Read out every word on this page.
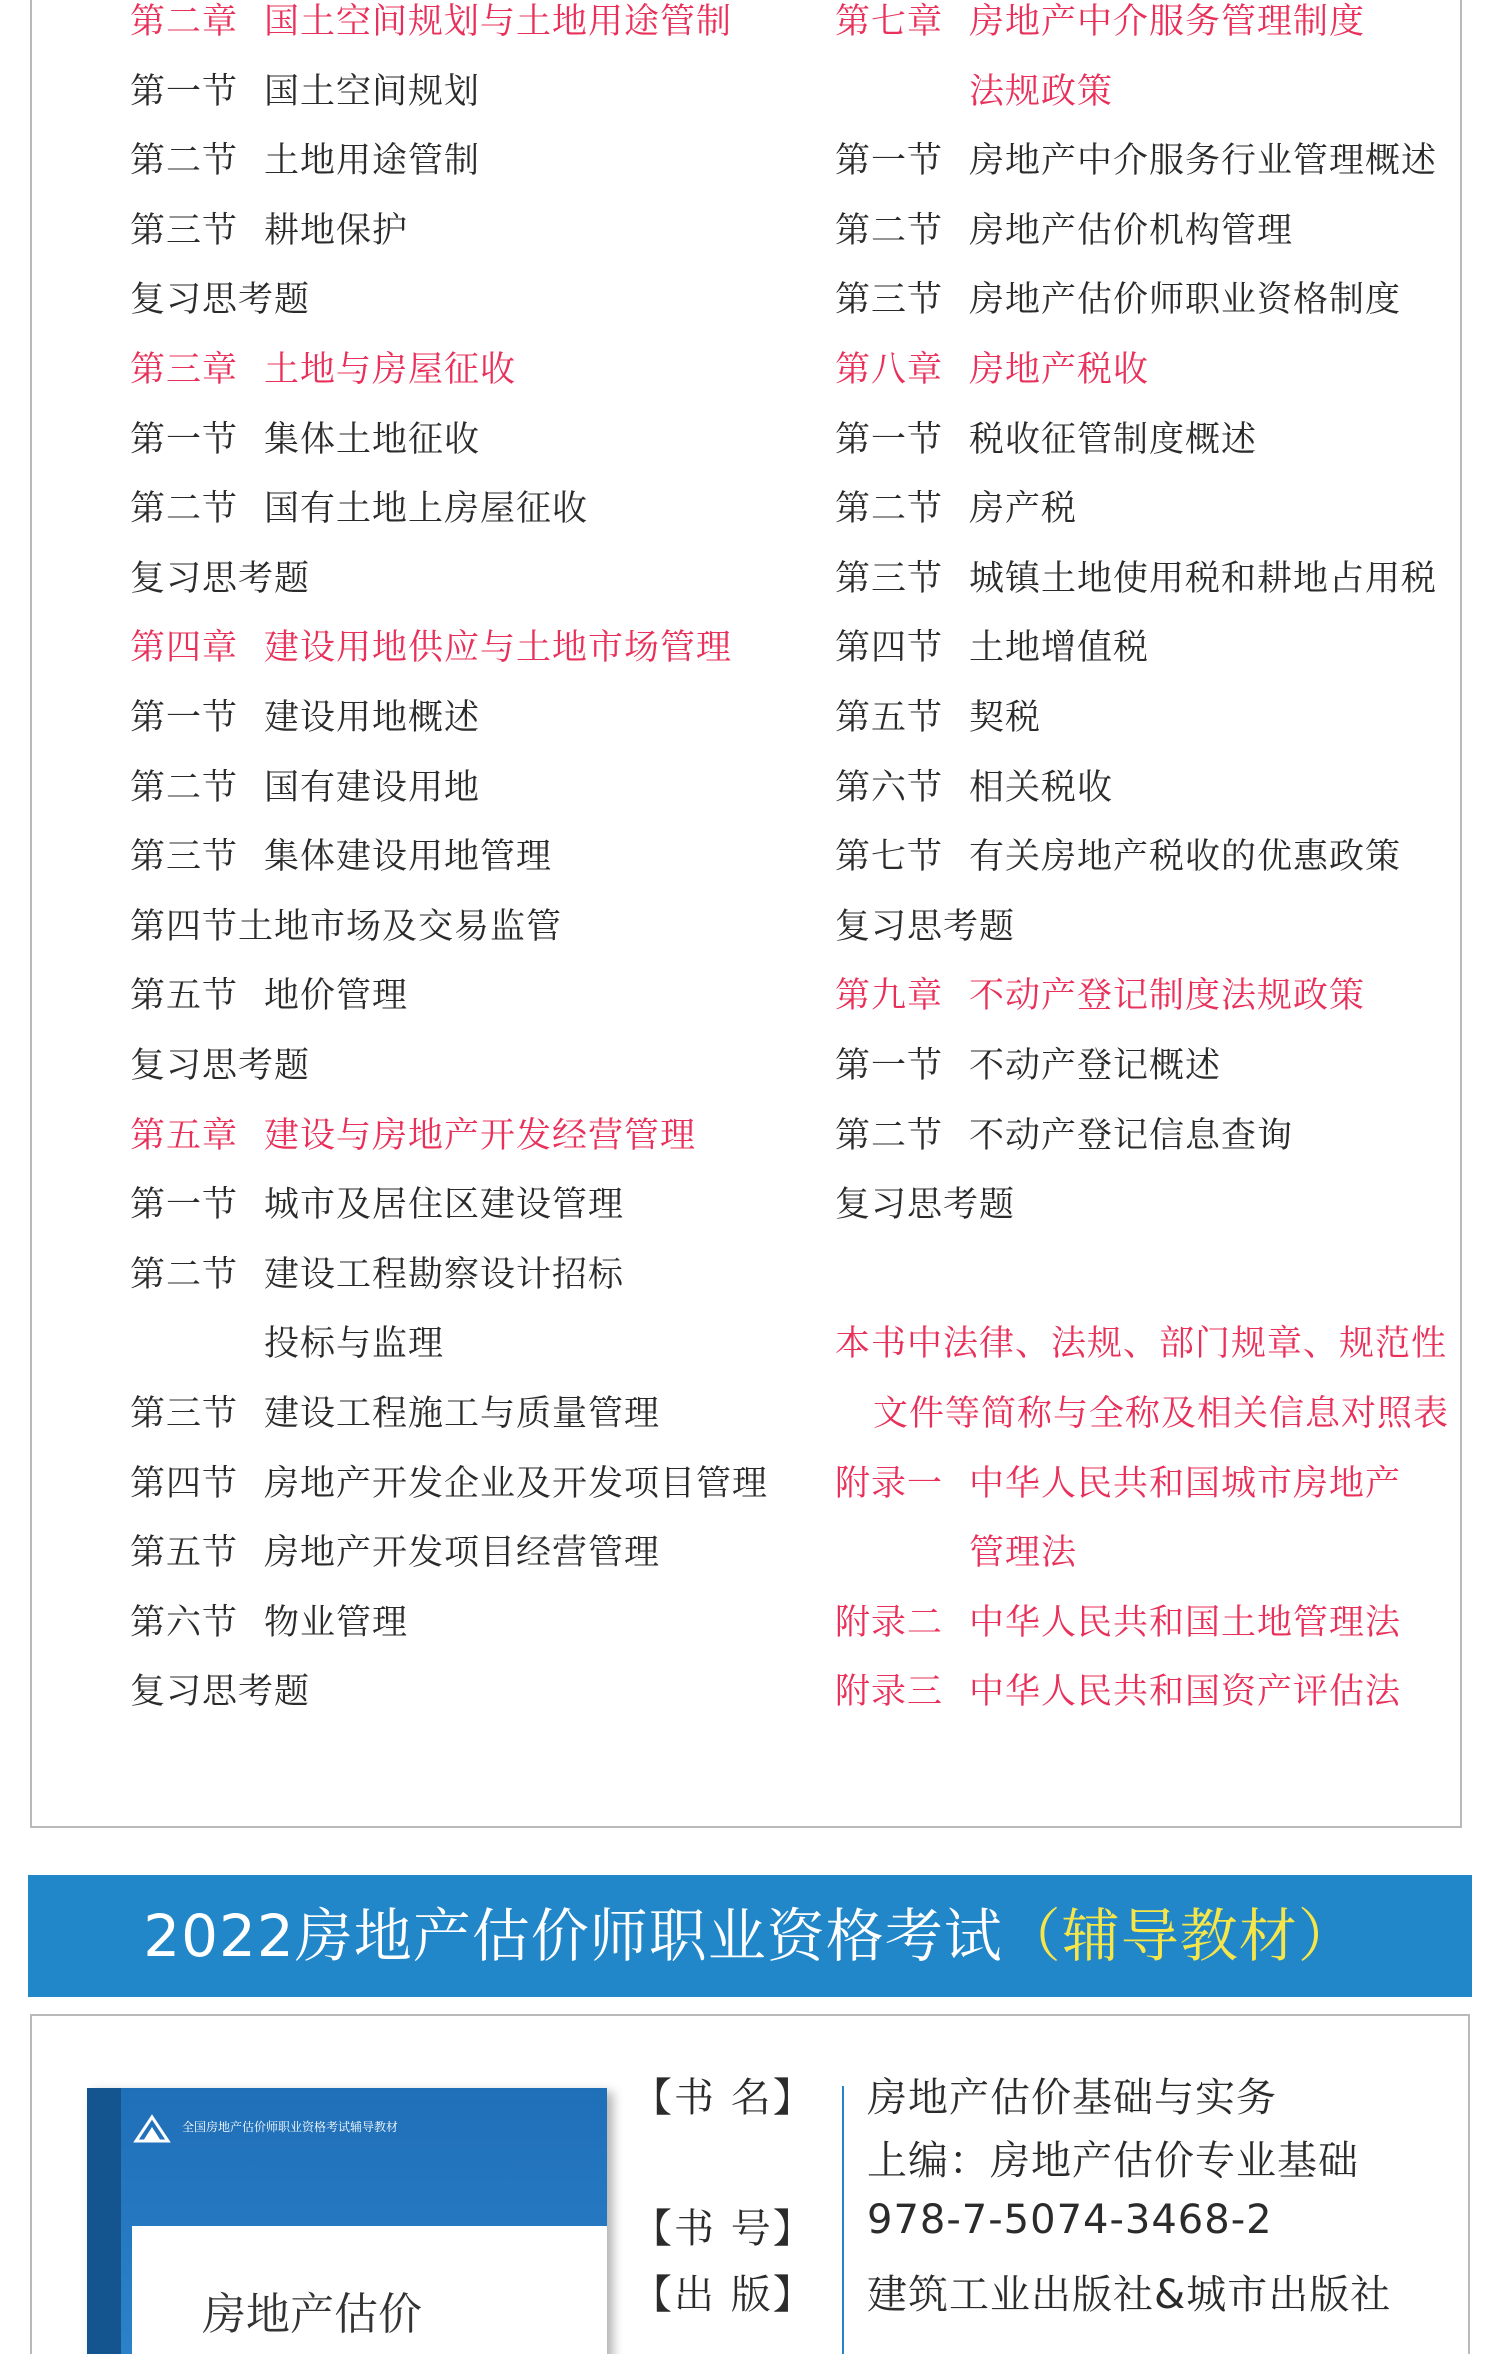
第二章 国土空间规划与土地用途管制
第一节 国土空间规划
第二节 土地用途管制
第三节 耕地保护
复习思考题
第三章 土地与房屋征收
第一节 集体土地征收
第二节 国有土地上房屋征收
复习思考题
第四章 建设用地供应与土地市场管理
第一节 建设用地概述
第二节 国有建设用地
第三节 集体建设用地管理
第四节土地市场及交易监管
第五节 地价管理
复习思考题
第五章 建设与房地产开发经营管理
第一节 城市及居住区建设管理
第二节 建设工程勘察设计招标
投标与监理
第三节 建设工程施工与质量管理
第四节 房地产开发企业及开发项目管理
第五节 房地产开发项目经营管理
第六节 物业管理
复习思考题
第七章 房地产中介服务管理制度
法规政策
第一节 房地产中介服务行业管理概述
第二节 房地产估价机构管理
第三节 房地产估价师职业资格制度
第八章 房地产税收
第一节 税收征管制度概述
第二节 房产税
第三节 城镇土地使用税和耕地占用税
第四节 土地增值税
第五节 契税
第六节 相关税收
第七节 有关房地产税收的优惠政策
复习思考题
第九章 不动产登记制度法规政策
第一节 不动产登记概述
第二节 不动产登记信息查询
复习思考题
本书中法律、法规、部门规章、规范性
文件等简称与全称及相关信息对照表
附录一 中华人民共和国城市房地产
管理法
附录二 中华人民共和国土地管理法
附录三 中华人民共和国资产评估法
2022房地产估价师职业资格考试（辅导教材）
全国房地产估价师职业资格考试辅导教材
房地产估价
【书 名】 房地产估价基础与实务
上编：房地产估价专业基础
【书 号】 978-7-5074-3468-2
【出 版】 建筑工业出版社&城市出版社
